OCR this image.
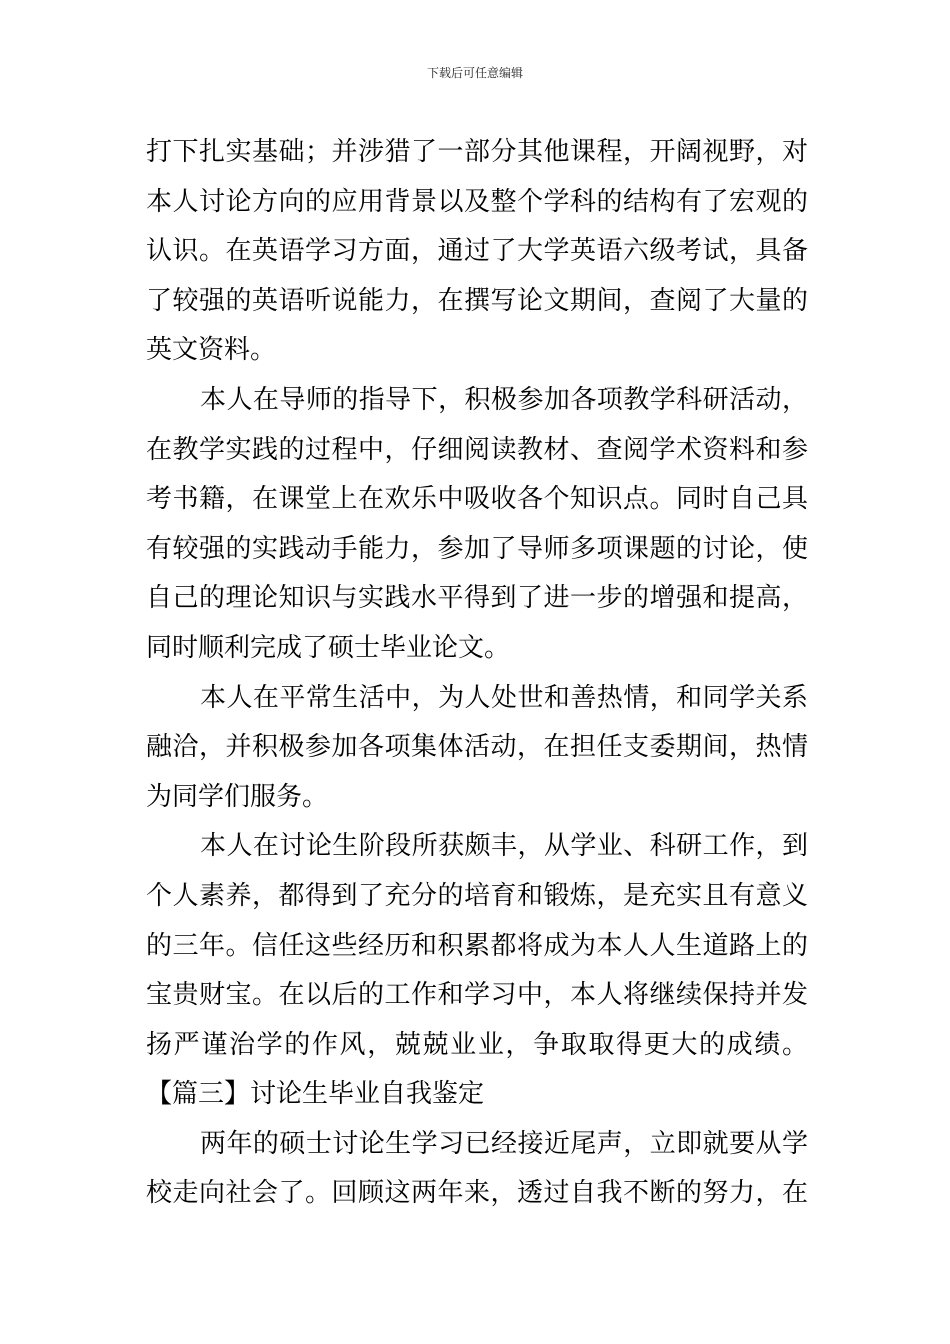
下载后可任意编辑
打下扎实基础；并涉猎了一部分其他课程，开阔视野，对
本人讨论方向的应用背景以及整个学科的结构有了宏观的
认识。在英语学习方面，通过了大学英语六级考试，具备
了较强的英语听说能力，在撰写论文期间，查阅了大量的
英文资料。
本人在导师的指导下，积极参加各项教学科研活动，
在教学实践的过程中，仔细阅读教材、查阅学术资料和参
考书籍，在课堂上在欢乐中吸收各个知识点。同时自己具
有较强的实践动手能力，参加了导师多项课题的讨论，使
自己的理论知识与实践水平得到了进一步的增强和提高，
同时顺利完成了硕士毕业论文。
本人在平常生活中，为人处世和善热情，和同学关系
融洽，并积极参加各项集体活动，在担任支委期间，热情
为同学们服务。
本人在讨论生阶段所获颇丰，从学业、科研工作，到
个人素养，都得到了充分的培育和锻炼，是充实且有意义
的三年。信任这些经历和积累都将成为本人人生道路上的
宝贵财宝。在以后的工作和学习中，本人将继续保持并发
扬严谨治学的作风，兢兢业业，争取取得更大的成绩。
【篇三】讨论生毕业自我鉴定
两年的硕士讨论生学习已经接近尾声，立即就要从学
校走向社会了。回顾这两年来，透过自我不断的努力，在
